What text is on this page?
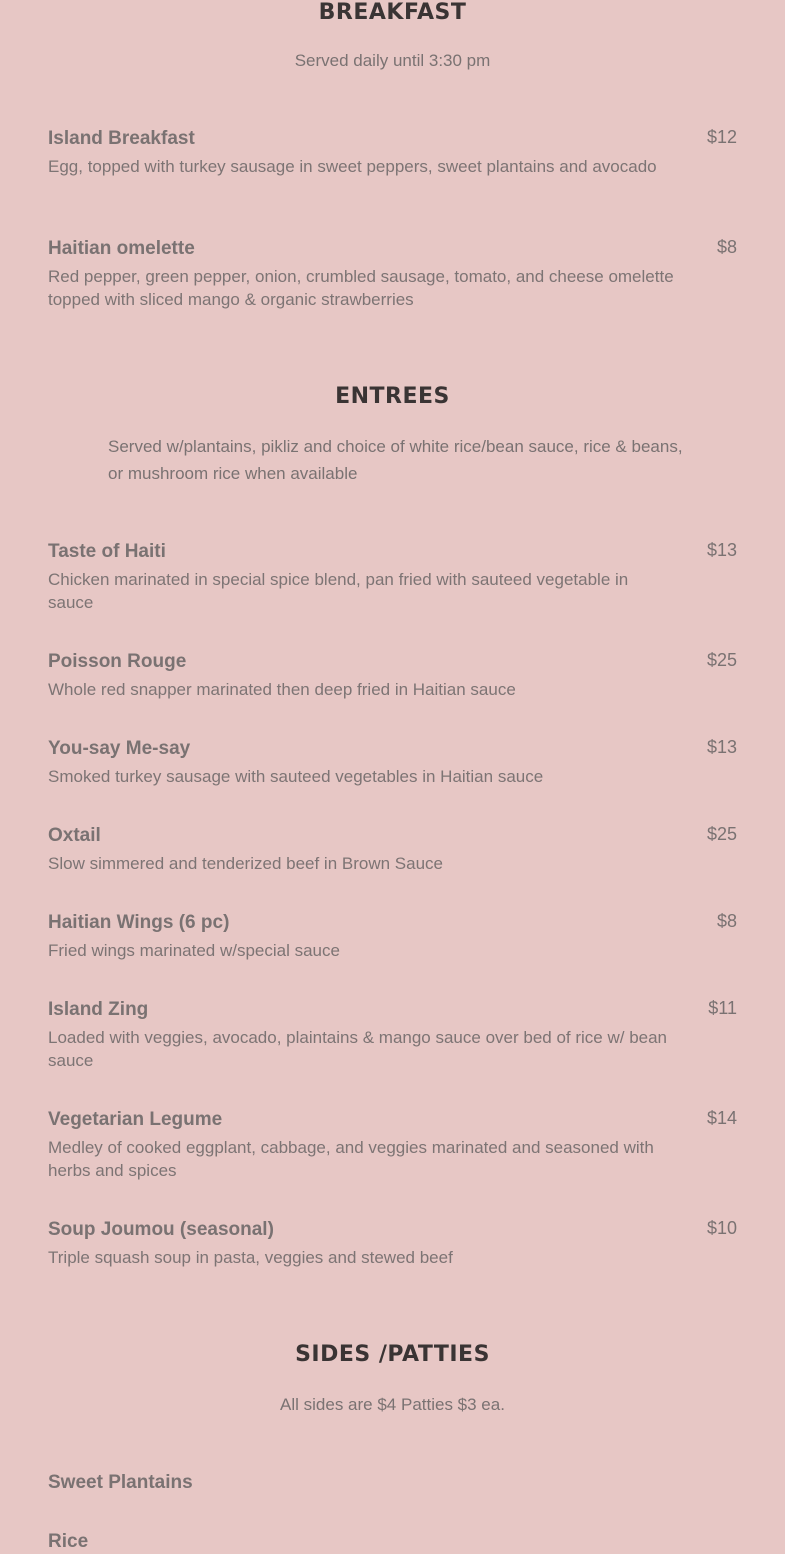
BREAKFAST

Served daily until 3:30 pm

Island Breakfast
Egg, topped with turkey sausage in sweet peppers, sweet plantains and avocado
$12
Haitian omelette
Red pepper, green pepper, onion, crumbled sausage, tomato, and cheese omelette topped with sliced mango & organic strawberries
$8
ENTREES

Served w/plantains, pikliz and choice of white rice/bean sauce, rice & beans, or mushroom rice when available

Taste of Haiti
Chicken marinated in special spice blend, pan fried with sauteed vegetable in sauce
$13
Poisson Rouge
Whole red snapper marinated then deep fried in Haitian sauce
$25
You-say Me-say
Smoked turkey sausage with sauteed vegetables in Haitian sauce
$13
Oxtail
Slow simmered and tenderized beef in Brown Sauce
$25
Haitian Wings (6 pc)
Fried wings marinated w/special sauce
$8
Island Zing
Loaded with veggies, avocado, plaintains & mango sauce over bed of rice w/ bean sauce
$11
Vegetarian Legume
Medley of cooked eggplant, cabbage, and veggies marinated and seasoned with herbs and spices
$14
Soup Joumou (seasonal)
Triple squash soup in pasta, veggies and stewed beef
$10
SIDES /PATTIES

All sides are $4 Patties $3 ea.

Sweet Plantains
Rice
